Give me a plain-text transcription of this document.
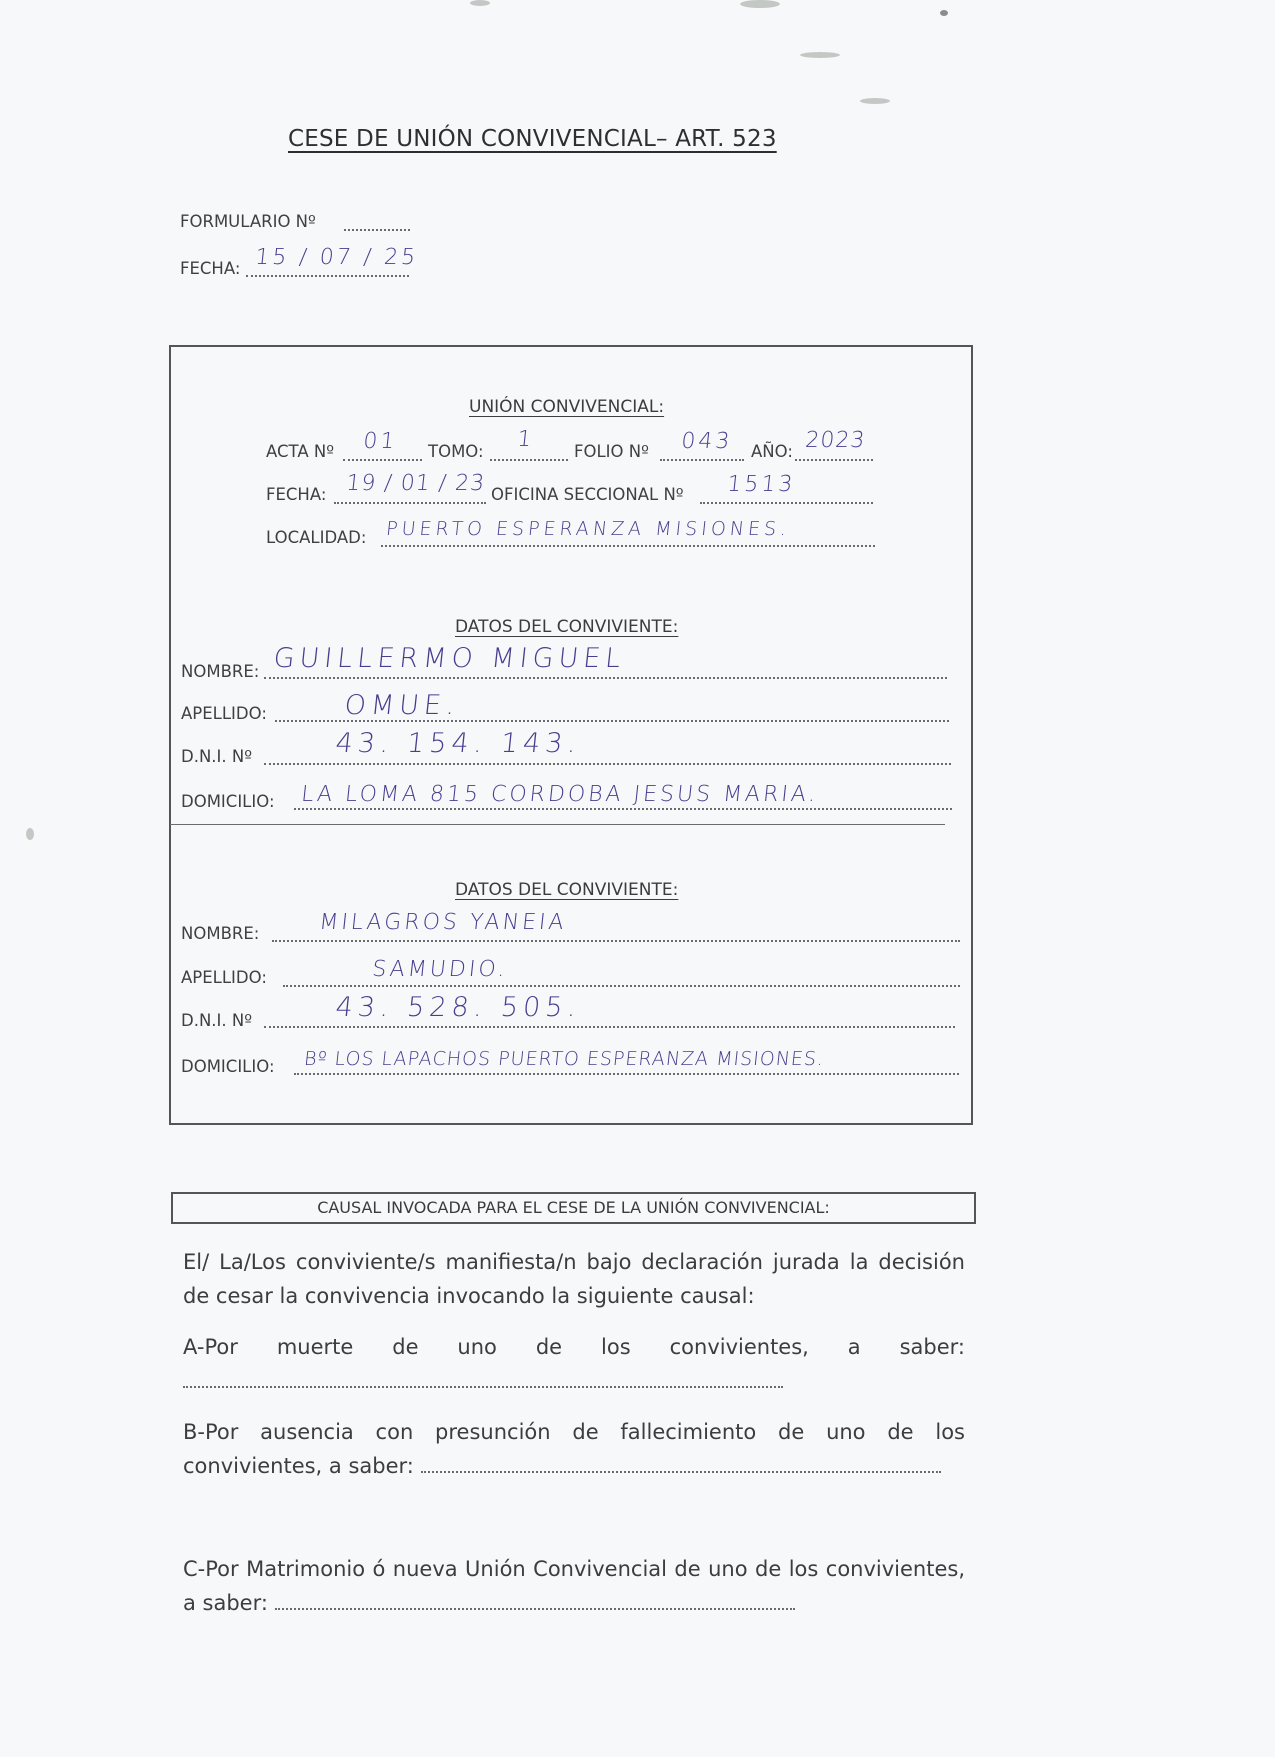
CESE DE UNIÓN CONVIVENCIAL– ART. 523
FORMULARIO Nº
FECHA: 15 / 07 / 25
UNIÓN CONVIVENCIAL:
ACTA Nº 01 TOMO: 1 FOLIO Nº 043 AÑO: 2023
FECHA: 19 / 01 / 23 OFICINA SECCIONAL Nº 1513
LOCALIDAD: PUERTO ESPERANZA MISIONES.
DATOS DEL CONVIVIENTE:
NOMBRE: GUILLERMO MIGUEL
APELLIDO:	OMUE.
D.N.I. Nº	43. 154. 143.
DOMICILIO: LA LOMA 815 CORDOBA JESUS MARIA.
DATOS DEL CONVIVIENTE:
NOMBRE:	MILAGROS YANEIA
APELLIDO:	SAMUDIO.
D.N.I. Nº	43. 528. 505.
DOMICILIO: Bº LOS LAPACHOS PUERTO ESPERANZA MISIONES.
CAUSAL INVOCADA PARA EL CESE DE LA UNIÓN CONVIVENCIAL:
El/ La/Los conviviente/s manifiesta/n bajo declaración jurada la decisión de cesar la convivencia invocando la siguiente causal:
A-Por muerte de uno de los convivientes, a saber:
B-Por ausencia con presunción de fallecimiento de uno de los convivientes, a saber:
C-Por Matrimonio ó nueva Unión Convivencial de uno de los convivientes, a saber:
